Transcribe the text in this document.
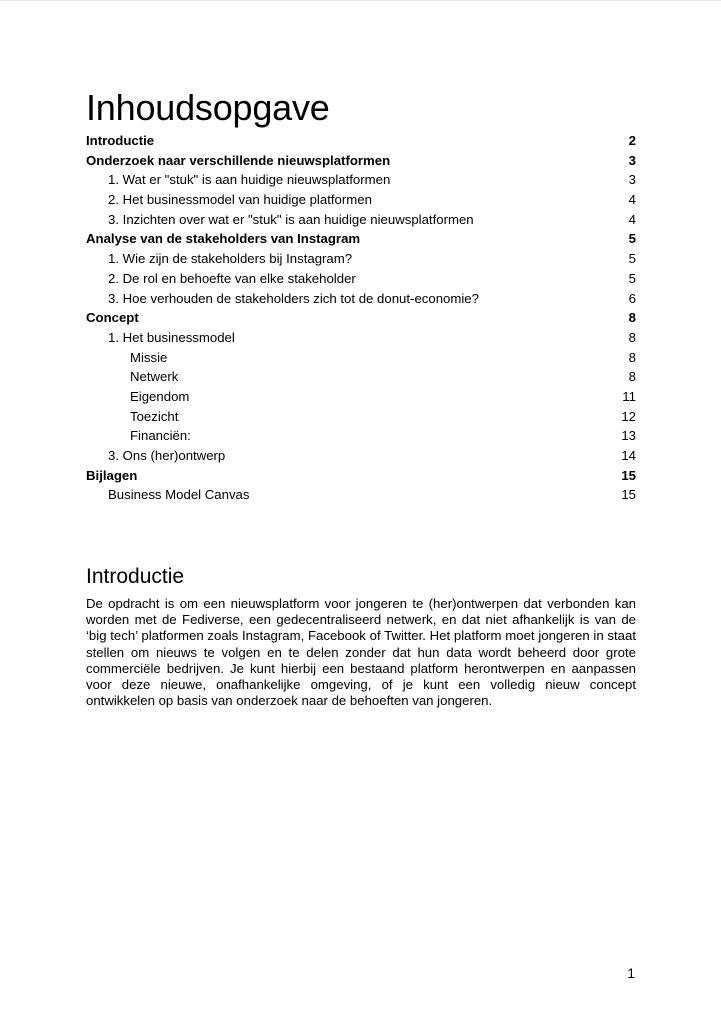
Inhoudsopgave
Introductie	2
Onderzoek naar verschillende nieuwsplatformen	3
1. Wat er "stuk" is aan huidige nieuwsplatformen	3
2. Het businessmodel van huidige platformen	4
3. Inzichten over wat er "stuk" is aan huidige nieuwsplatformen	4
Analyse van de stakeholders van Instagram	5
1. Wie zijn de stakeholders bij Instagram?	5
2. De rol en behoefte van elke stakeholder	5
3. Hoe verhouden de stakeholders zich tot de donut-economie?	6
Concept	8
1. Het businessmodel	8
Missie	8
Netwerk	8
Eigendom	11
Toezicht	12
Financiën:	13
3. Ons (her)ontwerp	14
Bijlagen	15
Business Model Canvas	15
Introductie

De opdracht is om een nieuwsplatform voor jongeren te (her)ontwerpen dat verbonden kan worden met de Fediverse, een gedecentraliseerd netwerk, en dat niet afhankelijk is van de ‘big tech’ platformen zoals Instagram, Facebook of Twitter. Het platform moet jongeren in staat stellen om nieuws te volgen en te delen zonder dat hun data wordt beheerd door grote commerciële bedrijven. Je kunt hierbij een bestaand platform herontwerpen en aanpassen voor deze nieuwe, onafhankelijke omgeving, of je kunt een volledig nieuw concept ontwikkelen op basis van onderzoek naar de behoeften van jongeren.

1
